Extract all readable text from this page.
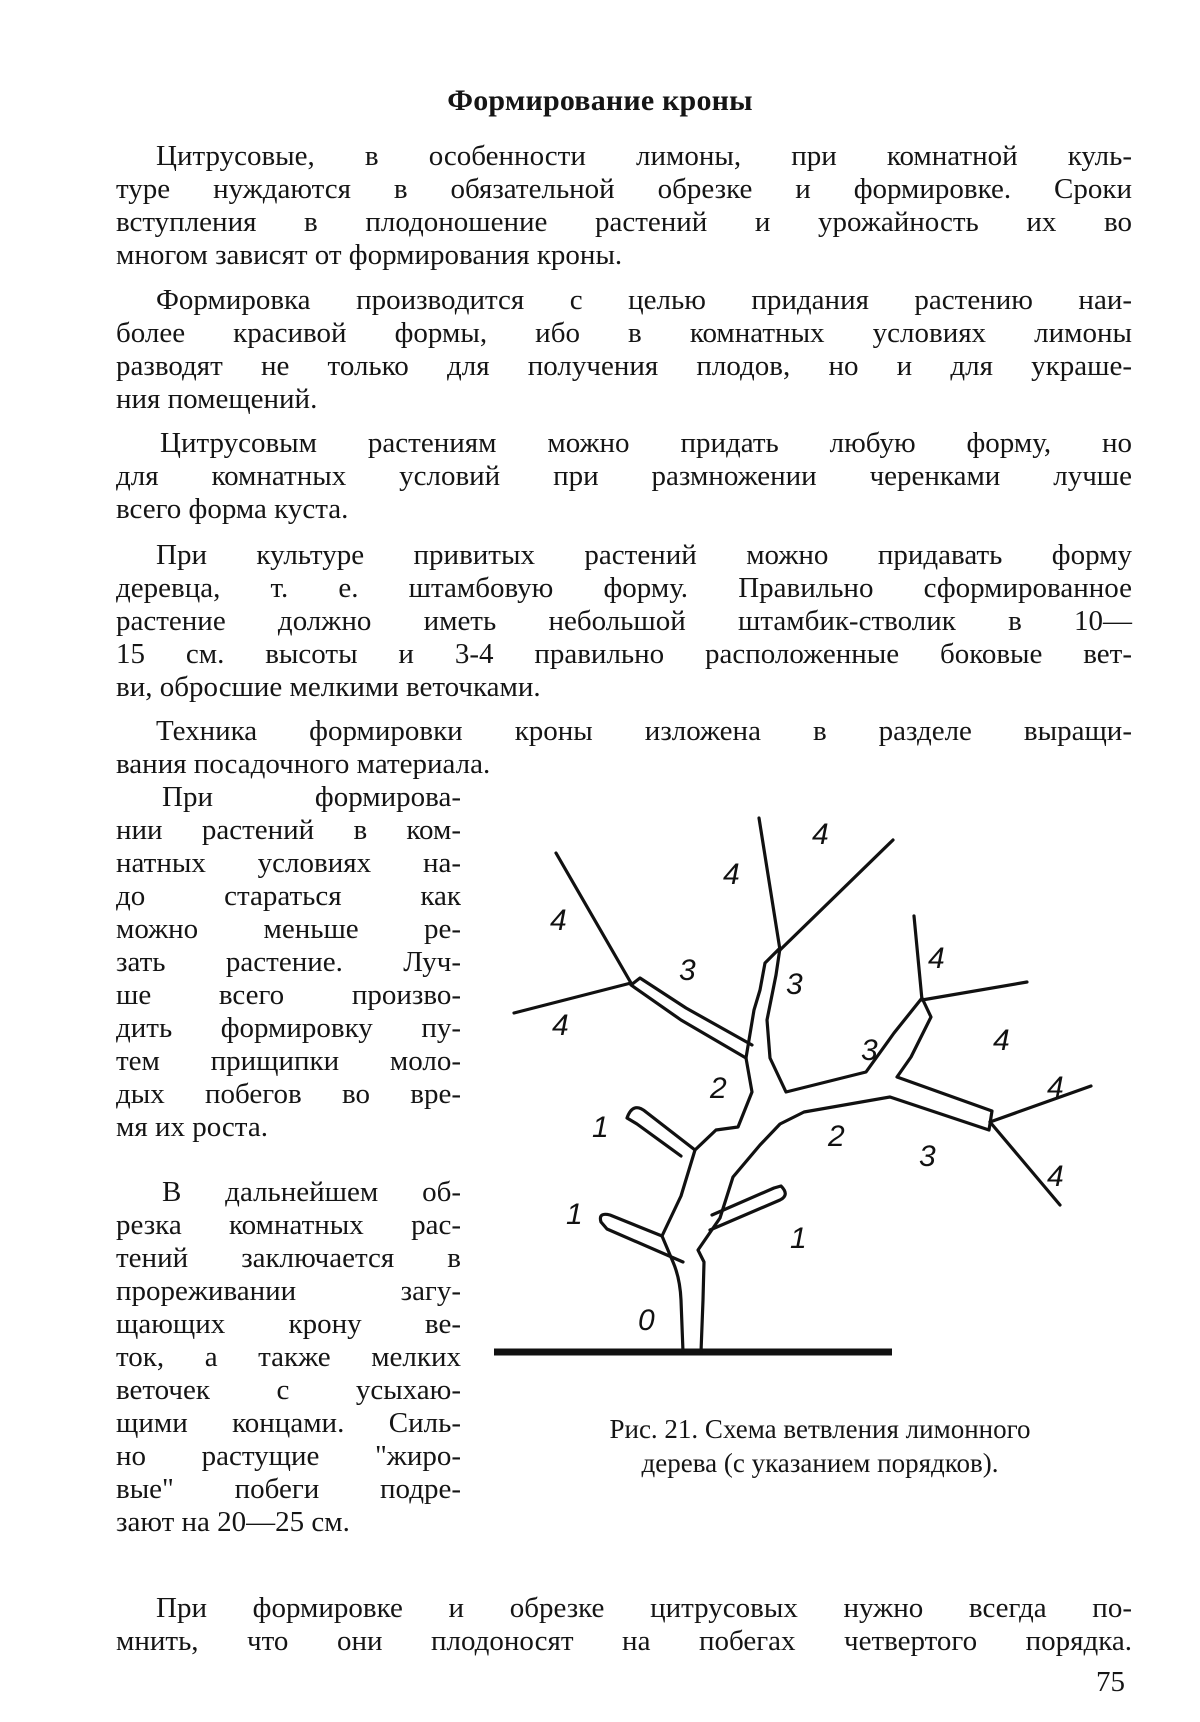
Формирование кроны

Цитрусовые, в особенности лимоны, при комнатной куль-
туре нуждаются в обязательной обрезке и формировке. Сроки
вступления в плодоношение растений и урожайность их во
многом зависят от формирования кроны.

Формировка производится с целью придания растению наи-
более красивой формы, ибо в комнатных условиях лимоны
разводят не только для получения плодов, но и для украше-
ния помещений.

Цитрусовым растениям можно придать любую форму, но
для комнатных условий при размножении черенками лучше
всего форма куста.

При культуре привитых растений можно придавать форму
деревца, т. е. штамбовую форму. Правильно сформированное
растение должно иметь небольшой штамбик-стволик в 10—
15 см. высоты и 3-4 правильно расположенные боковые вет-
ви, обросшие мелкими веточками.

Техника формировки кроны изложена в разделе выращи-
вания посадочного материала.

При формирова-
нии растений в ком-
натных условиях на-
до стараться как
можно меньше ре-
зать растение. Луч-
ше всего произво-
дить формировку пу-
тем прищипки моло-
дых побегов во вре-
мя их роста.

В дальнейшем об-
резка комнатных рас-
тений заключается в
прореживании загу-
щающих крону ве-
ток, а также мелких
веточек с усыхаю-
щими концами. Силь-
но растущие "жиро-
вые" побеги подре-
зают на 20—25 см.

0
1
1
1
2
2
3	3
3
3
4
4
4
4
4
4
4
4
Рис. 21. Схема ветвления лимонного
дерева (с указанием порядков).

При формировке и обрезке цитрусовых нужно всегда по-
мнить, что они плодоносят на побегах четвертого порядка.

75
